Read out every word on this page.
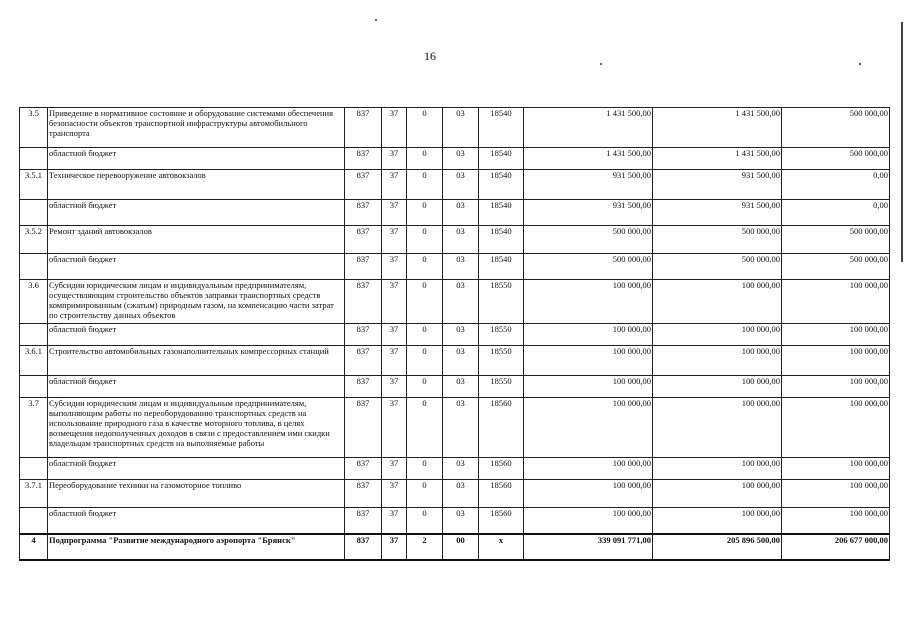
16
3.5	Приведение в нормативное состояние и оборудование системами обеспечения безопасности объектов транспортной инфраструктуры автомобильного транспорта	837	37	0	03	18540	1 431 500,00	1 431 500,00	500 000,00
	областной бюджет	837	37	0	03	18540	1 431 500,00	1 431 500,00	500 000,00
3.5.1	Техническое перевооружение автовокзалов	837	37	0	03	18540	931 500,00	931 500,00	0,00
	областной бюджет	837	37	0	03	18540	931 500,00	931 500,00	0,00
3.5.2	Ремонт зданий автовокзалов	837	37	0	03	18540	500 000,00	500 000,00	500 000,00
	областной бюджет	837	37	0	03	18540	500 000,00	500 000,00	500 000,00
3.6	Субсидии юридическим лицам и индивидуальным предпринимателям, осуществляющим строительство объектов заправки транспортных средств компримированным (сжатым) природным газом, на компенсацию части затрат по строительству данных объектов	837	37	0	03	18550	100 000,00	100 000,00	100 000,00
	областной бюджет	837	37	0	03	18550	100 000,00	100 000,00	100 000,00
3.6.1	Строительство автомобильных газонаполнительных компрессорных станций	837	37	0	03	18550	100 000,00	100 000,00	100 000,00
	областной бюджет	837	37	0	03	18550	100 000,00	100 000,00	100 000,00
3.7	Субсидии юридическим лицам и индивидуальным предпринимателям, выполняющим работы по переоборудованию транспортных средств на использование природного газа в качестве моторного топлива, в целях возмещения недополученных доходов в связи с предоставлением ими скидки владельцам транспортных средств на выполняемые работы	837	37	0	03	18560	100 000,00	100 000,00	100 000,00
	областной бюджет	837	37	0	03	18560	100 000,00	100 000,00	100 000,00
3.7.1	Переоборудование техники на газомоторное топливо	837	37	0	03	18560	100 000,00	100 000,00	100 000,00
	областной бюджет	837	37	0	03	18560	100 000,00	100 000,00	100 000,00
4	Подпрограмма "Развитие международного аэропорта "Брянск"	837	37	2	00	x	339 091 771,00	205 896 500,00	206 677 000,00
